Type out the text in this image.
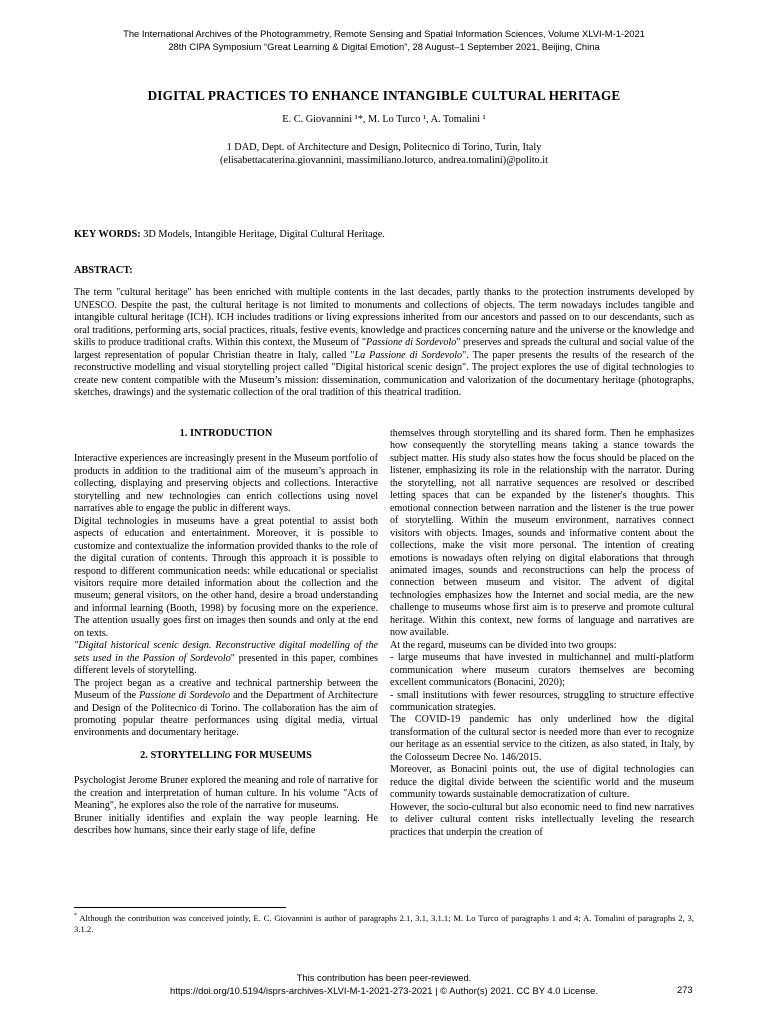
The International Archives of the Photogrammetry, Remote Sensing and Spatial Information Sciences, Volume XLVI-M-1-2021
28th CIPA Symposium “Great Learning & Digital Emotion”, 28 August–1 September 2021, Beijing, China
DIGITAL PRACTICES TO ENHANCE INTANGIBLE CULTURAL HERITAGE
E. C. Giovannini ¹*, M. Lo Turco ¹, A. Tomalini ¹
1 DAD, Dept. of Architecture and Design, Politecnico di Torino, Turin, Italy
(elisabettacaterina.giovannini, massimiliano.loturco, andrea.tomalini)@polito.it
KEY WORDS: 3D Models, Intangible Heritage, Digital Cultural Heritage.
ABSTRACT:
The term "cultural heritage" has been enriched with multiple contents in the last decades, partly thanks to the protection instruments developed by UNESCO. Despite the past, the cultural heritage is not limited to monuments and collections of objects. The term nowadays includes tangible and intangible cultural heritage (ICH). ICH includes traditions or living expressions inherited from our ancestors and passed on to our descendants, such as oral traditions, performing arts, social practices, rituals, festive events, knowledge and practices concerning nature and the universe or the knowledge and skills to produce traditional crafts. Within this context, the Museum of "Passione di Sordevolo" preserves and spreads the cultural and social value of the largest representation of popular Christian theatre in Italy, called "La Passione di Sordevolo". The paper presents the results of the research of the reconstructive modelling and visual storytelling project called "Digital historical scenic design". The project explores the use of digital technologies to create new content compatible with the Museum’s mission: dissemination, communication and valorization of the documentary heritage (photographs, sketches, drawings) and the systematic collection of the oral tradition of this theatrical tradition.

1. INTRODUCTION

Interactive experiences are increasingly present in the Museum portfolio of products in addition to the traditional aim of the museum’s approach in collecting, displaying and preserving objects and collections. Interactive storytelling and new technologies can enrich collections using novel narratives able to engage the public in different ways.

Digital technologies in museums have a great potential to assist both aspects of education and entertainment. Moreover, it is possible to customize and contextualize the information provided thanks to the role of the digital curation of contents. Through this approach it is possible to respond to different communication needs: while educational or specialist visitors require more detailed information about the collection and the museum; general visitors, on the other hand, desire a broad understanding and informal learning (Booth, 1998) by focusing more on the experience. The attention usually goes first on images then sounds and only at the end on texts.

"Digital historical scenic design. Reconstructive digital modelling of the sets used in the Passion of Sordevolo" presented in this paper, combines different levels of storytelling.

The project began as a creative and technical partnership between the Museum of the Passione di Sordevolo and the Department of Architecture and Design of the Politecnico di Torino. The collaboration has the aim of promoting popular theatre performances using digital media, virtual environments and documentary heritage.

2. STORYTELLING FOR MUSEUMS

Psychologist Jerome Bruner explored the meaning and role of narrative for the creation and interpretation of human culture. In his volume "Acts of Meaning", he explores also the role of the narrative for museums.

Bruner initially identifies and explain the way people learning. He describes how humans, since their early stage of life, define

themselves through storytelling and its shared form. Then he emphasizes how consequently the storytelling means taking a stance towards the subject matter. His study also states how the focus should be placed on the listener, emphasizing its role in the relationship with the narrator. During the storytelling, not all narrative sequences are resolved or described letting spaces that can be expanded by the listener's thoughts. This emotional connection between narration and the listener is the true power of storytelling. Within the museum environment, narratives connect visitors with objects. Images, sounds and informative content about the collections, make the visit more personal. The intention of creating emotions is nowadays often relying on digital elaborations that through animated images, sounds and reconstructions can help the process of connection between museum and visitor. The advent of digital technologies emphasizes how the Internet and social media, are the new challenge to museums whose first aim is to preserve and promote cultural heritage. Within this context, new forms of language and narratives are now available.

At the regard, museums can be divided into two groups:

- large museums that have invested in multichannel and multi-platform communication where museum curators themselves are becoming excellent communicators (Bonacini, 2020);

- small institutions with fewer resources, struggling to structure effective communication strategies.

The COVID-19 pandemic has only underlined how the digital transformation of the cultural sector is needed more than ever to recognize our heritage as an essential service to the citizen, as also stated, in Italy, by the Colosseum Decree No. 146/2015.

Moreover, as Bonacini points out, the use of digital technologies can reduce the digital divide between the scientific world and the museum community towards sustainable democratization of culture.

However, the socio-cultural but also economic need to find new narratives to deliver cultural content risks intellectually leveling the research practices that underpin the creation of

* Although the contribution was conceived jointly, E. C. Giovannini is author of paragraphs 2.1, 3.1, 3.1.1; M. Lo Turco of paragraphs 1 and 4; A. Tomalini of paragraphs 2, 3, 3.1.2.
This contribution has been peer-reviewed.
https://doi.org/10.5194/isprs-archives-XLVI-M-1-2021-273-2021 | © Author(s) 2021. CC BY 4.0 License.	273
